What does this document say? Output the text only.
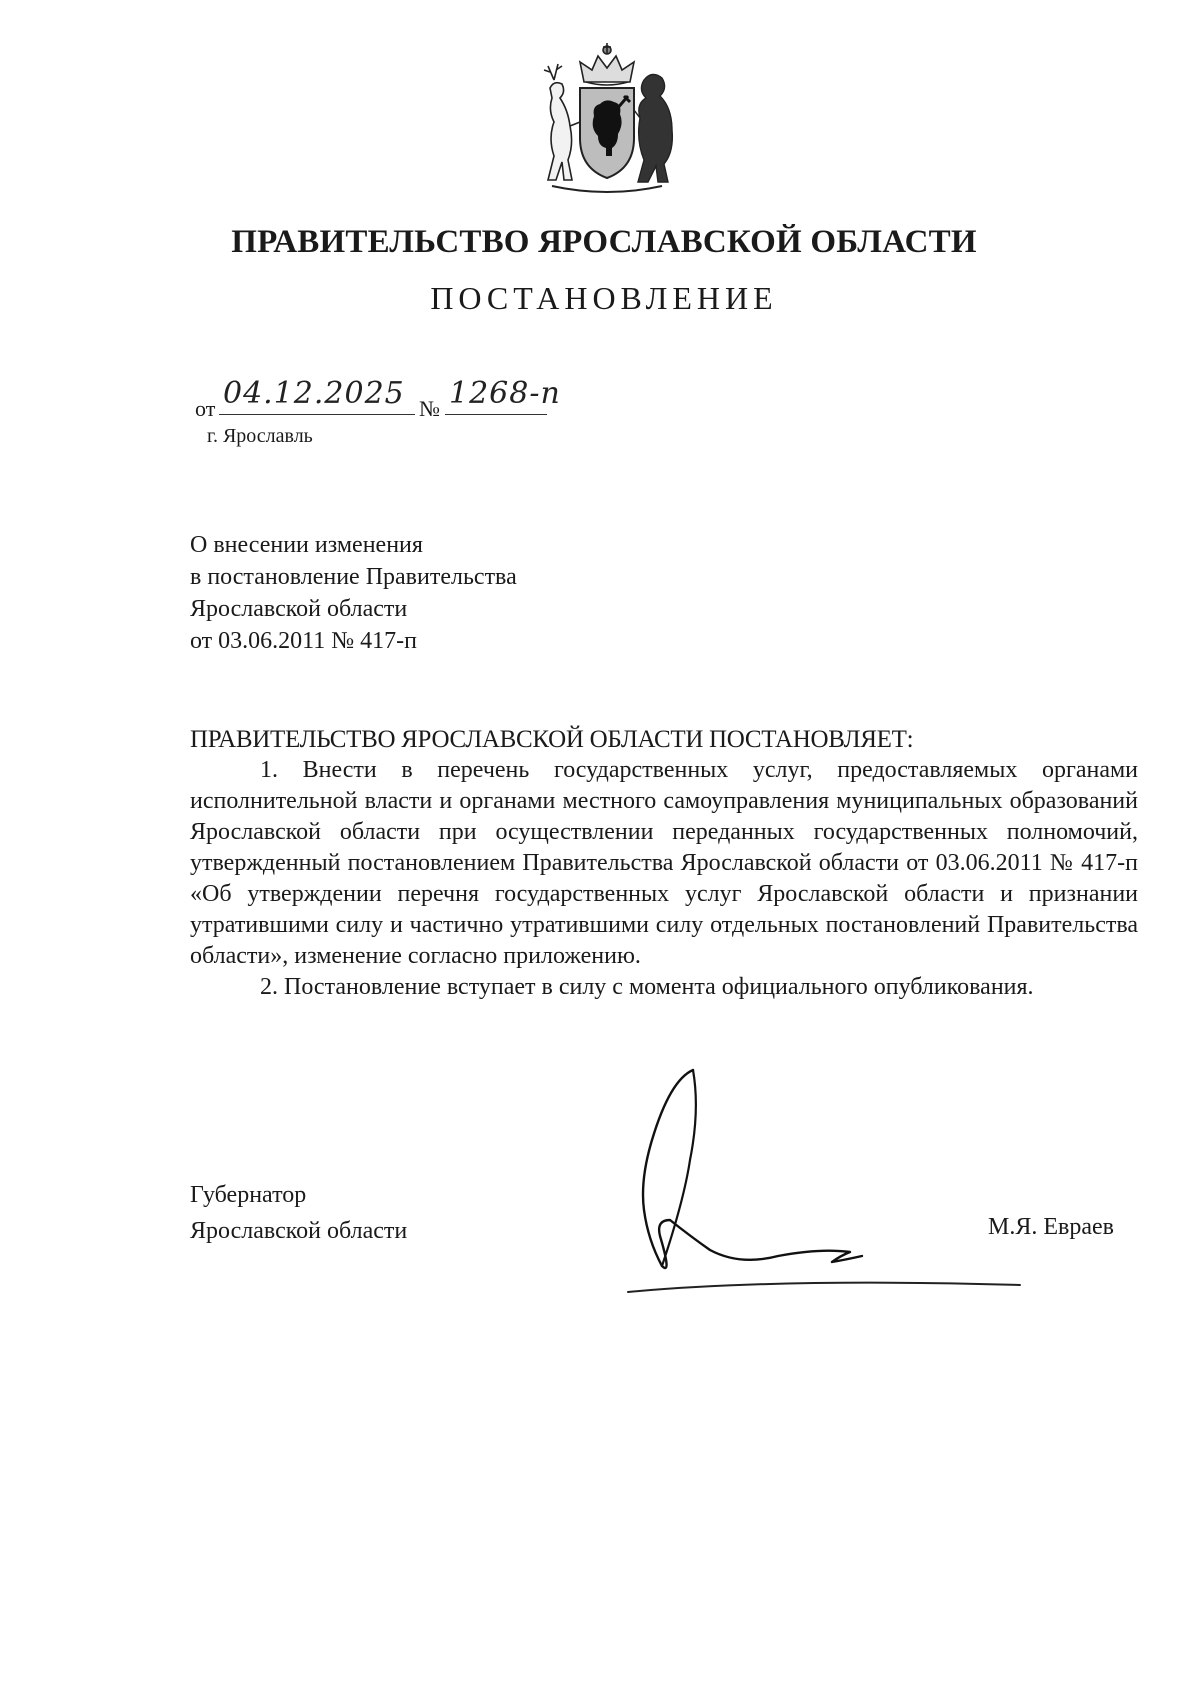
ПРАВИТЕЛЬСТВО ЯРОСЛАВСКОЙ ОБЛАСТИ
ПОСТАНОВЛЕНИЕ
от 04.12.2025 № 1268-п
г. Ярославль
О внесении изменения
в постановление Правительства
Ярославской области
от 03.06.2011 № 417-п
ПРАВИТЕЛЬСТВО ЯРОСЛАВСКОЙ ОБЛАСТИ ПОСТАНОВЛЯЕТ:

1. Внести в перечень государственных услуг, предоставляемых органами исполнительной власти и органами местного самоуправления муниципальных образований Ярославской области при осуществлении переданных государственных полномочий, утвержденный постановлением Правительства Ярославской области от 03.06.2011 № 417-п «Об утверждении перечня государственных услуг Ярославской области и признании утратившими силу и частично утратившими силу отдельных постановлений Правительства области», изменение согласно приложению.

2. Постановление вступает в силу с момента официального опубликования.

Губернатор
Ярославской области	М.Я. Евраев
